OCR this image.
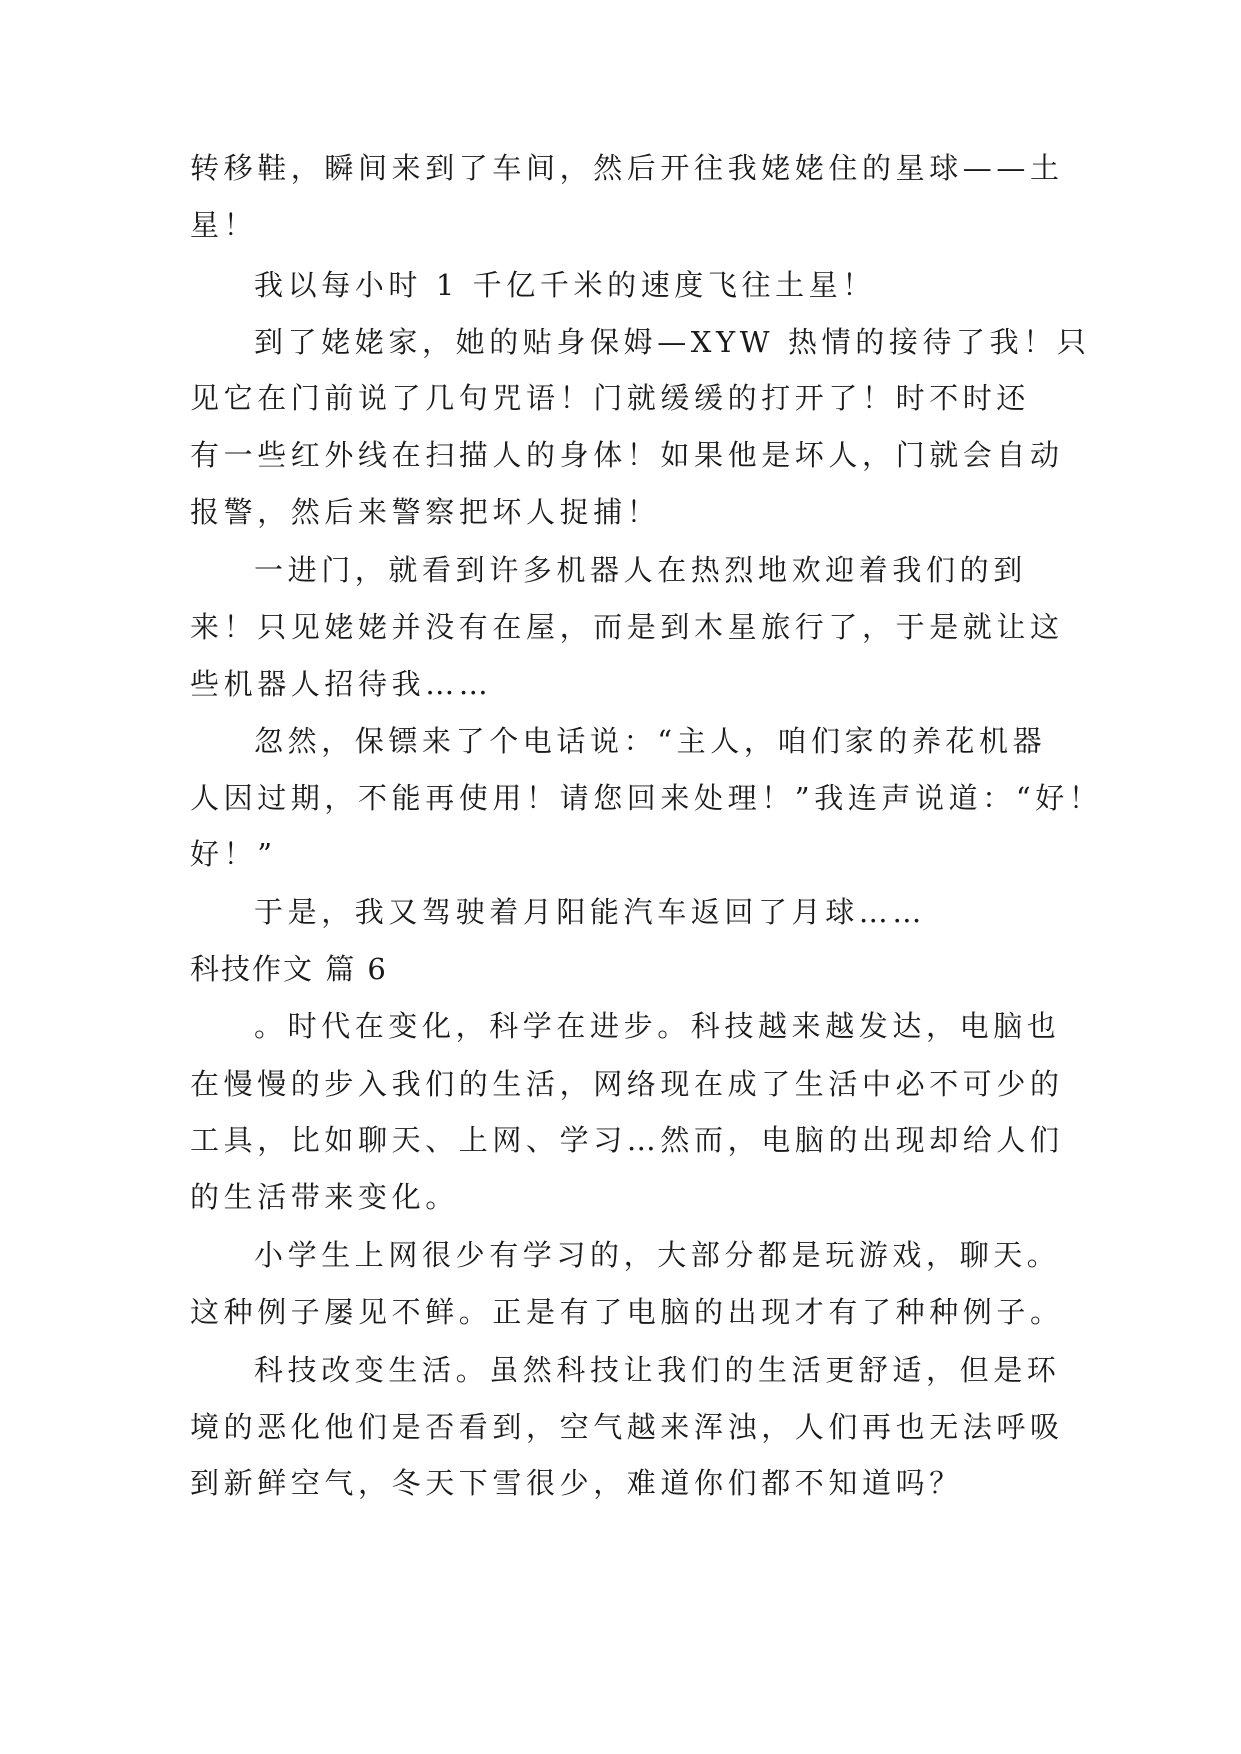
转移鞋，瞬间来到了车间，然后开往我姥姥住的星球——土
星！
我以每小时 1 千亿千米的速度飞往土星！
到了姥姥家，她的贴身保姆—XYW 热情的接待了我！只
见它在门前说了几句咒语！门就缓缓的打开了！时不时还
有一些红外线在扫描人的身体！如果他是坏人，门就会自动
报警，然后来警察把坏人捉捕！
一进门，就看到许多机器人在热烈地欢迎着我们的到
来！只见姥姥并没有在屋，而是到木星旅行了，于是就让这
些机器人招待我……
忽然，保镖来了个电话说：“主人，咱们家的养花机器
人因过期，不能再使用！请您回来处理！”我连声说道：“好！
好！”
于是，我又驾驶着月阳能汽车返回了月球……
科技作文 篇 6
。时代在变化，科学在进步。科技越来越发达，电脑也
在慢慢的步入我们的生活，网络现在成了生活中必不可少的
工具，比如聊天、上网、学习…然而，电脑的出现却给人们
的生活带来变化。
小学生上网很少有学习的，大部分都是玩游戏，聊天。
这种例子屡见不鲜。正是有了电脑的出现才有了种种例子。
科技改变生活。虽然科技让我们的生活更舒适，但是环
境的恶化他们是否看到，空气越来浑浊，人们再也无法呼吸
到新鲜空气，冬天下雪很少，难道你们都不知道吗？
